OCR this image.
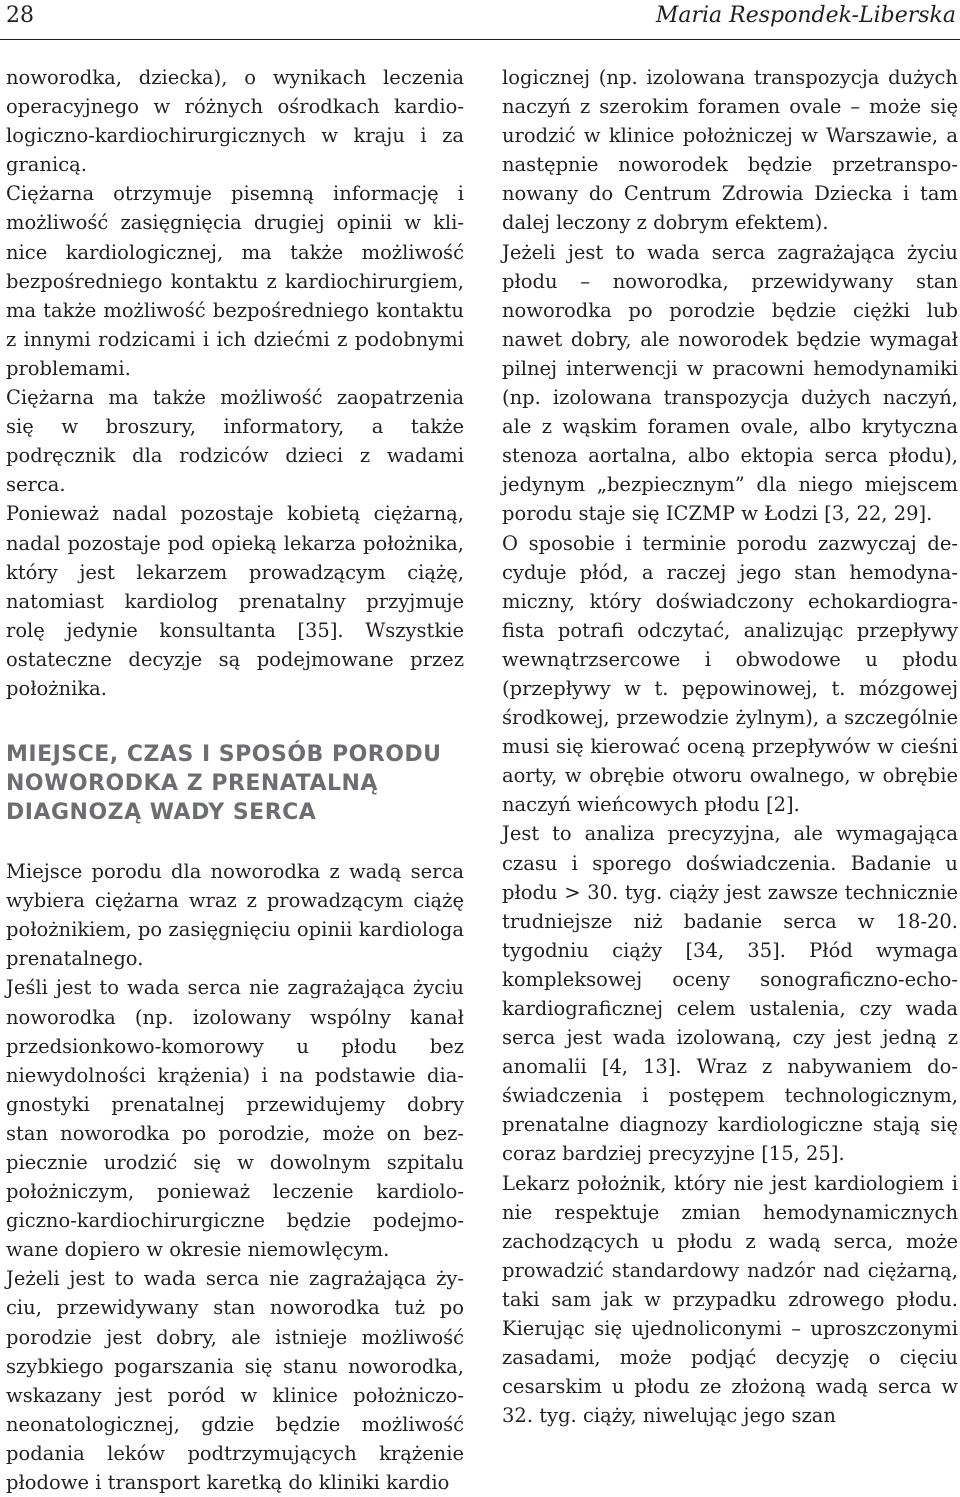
28	Maria Respondek-Liberska

noworodka, dziecka), o wynikach leczenia operacyjnego w różnych ośrodkach kardiologiczno-kardiochirurgicznych w kraju i za granicą.

Ciężarna otrzymuje pisemną informację i możliwość zasięgnięcia drugiej opinii w klinice kardiologicznej, ma także możliwość bezpośredniego kontaktu z kardiochirurgiem, ma także możliwość bezpośredniego kontaktu z innymi rodzicami i ich dziećmi z podobnymi problemami.

Ciężarna ma także możliwość zaopatrzenia się w broszury, informatory, a także podręcznik dla rodziców dzieci z wadami serca.

Ponieważ nadal pozostaje kobietą ciężarną, nadal pozostaje pod opieką lekarza położnika, który jest lekarzem prowadzącym ciążę, natomiast kardiolog prenatalny przyjmuje rolę jedynie konsultanta [35]. Wszystkie ostateczne decyzje są podejmowane przez położnika.

MIEJSCE, CZAS I SPOSÓB PORODU NOWORODKA Z PRENATALNĄ DIAGNOZĄ WADY SERCA

Miejsce porodu dla noworodka z wadą serca wybiera ciężarna wraz z prowadzącym ciążę położnikiem, po zasięgnięciu opinii kardiologa prenatalnego.

Jeśli jest to wada serca nie zagrażająca życiu noworodka (np. izolowany wspólny kanał przedsionkowo-komorowy u płodu bez niewydolności krążenia) i na podstawie diagnostyki prenatalnej przewidujemy dobry stan noworodka po porodzie, może on bezpiecznie urodzić się w dowolnym szpitalu położniczym, ponieważ leczenie kardiologiczno-kardiochirurgiczne będzie podejmowane dopiero w okresie niemowlęcym.

Jeżeli jest to wada serca nie zagrażająca życiu, przewidywany stan noworodka tuż po porodzie jest dobry, ale istnieje możliwość szybkiego pogarszania się stanu noworodka, wskazany jest poród w klinice położniczoneonatologicznej, gdzie będzie możliwość podania leków podtrzymujących krążenie płodowe i transport karetką do kliniki kardio

logicznej (np. izolowana transpozycja dużych naczyń z szerokim foramen ovale – może się urodzić w klinice położniczej w Warszawie, a następnie noworodek będzie przetransponowany do Centrum Zdrowia Dziecka i tam dalej leczony z dobrym efektem).

Jeżeli jest to wada serca zagrażająca życiu płodu – noworodka, przewidywany stan noworodka po porodzie będzie ciężki lub nawet dobry, ale noworodek będzie wymagał pilnej interwencji w pracowni hemodynamiki (np. izolowana transpozycja dużych naczyń, ale z wąskim foramen ovale, albo krytyczna stenoza aortalna, albo ektopia serca płodu), jedynym „bezpiecznym” dla niego miejscem porodu staje się ICZMP w Łodzi [3, 22, 29].

O sposobie i terminie porodu zazwyczaj decyduje płód, a raczej jego stan hemodynamiczny, który doświadczony echokardiografista potrafi odczytać, analizując przepływy wewnątrzsercowe i obwodowe u płodu (przepływy w t. pępowinowej, t. mózgowej środkowej, przewodzie żylnym), a szczególnie musi się kierować oceną przepływów w cieśni aorty, w obrębie otworu owalnego, w obrębie naczyń wieńcowych płodu [2].

Jest to analiza precyzyjna, ale wymagająca czasu i sporego doświadczenia. Badanie u płodu > 30. tyg. ciąży jest zawsze technicznie trudniejsze niż badanie serca w 18-20. tygodniu ciąży [34, 35]. Płód wymaga kompleksowej oceny sonograficzno-echokardiograficznej celem ustalenia, czy wada serca jest wada izolowaną, czy jest jedną z anomalii [4, 13]. Wraz z nabywaniem doświadczenia i postępem technologicznym, prenatalne diagnozy kardiologiczne stają się coraz bardziej precyzyjne [15, 25].

Lekarz położnik, który nie jest kardiologiem i nie respektuje zmian hemodynamicznych zachodzących u płodu z wadą serca, może prowadzić standardowy nadzór nad ciężarną, taki sam jak w przypadku zdrowego płodu. Kierując się ujednoliconymi – uproszczonymi zasadami, może podjąć decyzję o cięciu cesarskim u płodu ze złożoną wadą serca w 32. tyg. ciąży, niwelując jego szan
